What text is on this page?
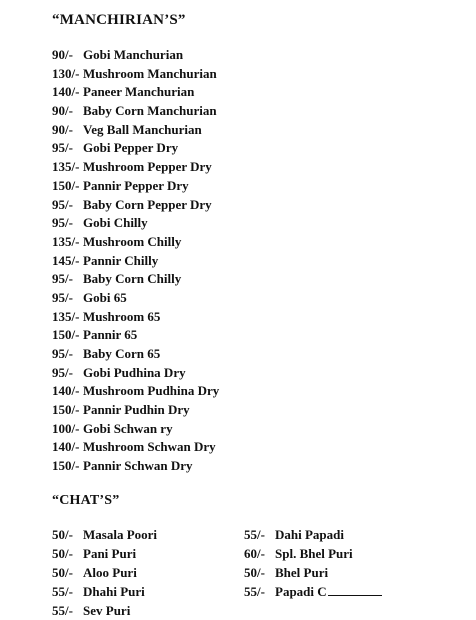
“MANCHIRIAN’S”
90/- Gobi Manchurian
130/- Mushroom Manchurian
140/- Paneer Manchurian
90/- Baby Corn Manchurian
90/- Veg Ball Manchurian
95/- Gobi Pepper Dry
135/- Mushroom Pepper Dry
150/- Pannir Pepper Dry
95/- Baby Corn Pepper Dry
95/- Gobi Chilly
135/- Mushroom Chilly
145/- Pannir Chilly
95/- Baby Corn Chilly
95/- Gobi 65
135/- Mushroom 65
150/- Pannir 65
95/- Baby Corn 65
95/- Gobi Pudhina Dry
140/- Mushroom Pudhina Dry
150/- Pannir Pudhin Dry
100/- Gobi Schwan ry
140/- Mushroom Schwan Dry
150/- Pannir Schwan Dry
“CHAT’S”
50/- Masala Poori
50/- Pani Puri
50/- Aloo Puri
55/- Dhahi Puri
55/- Sev Puri
55/- Dahi Papadi
60/- Spl. Bhel Puri
50/- Bhel Puri
55/- Papadi C
